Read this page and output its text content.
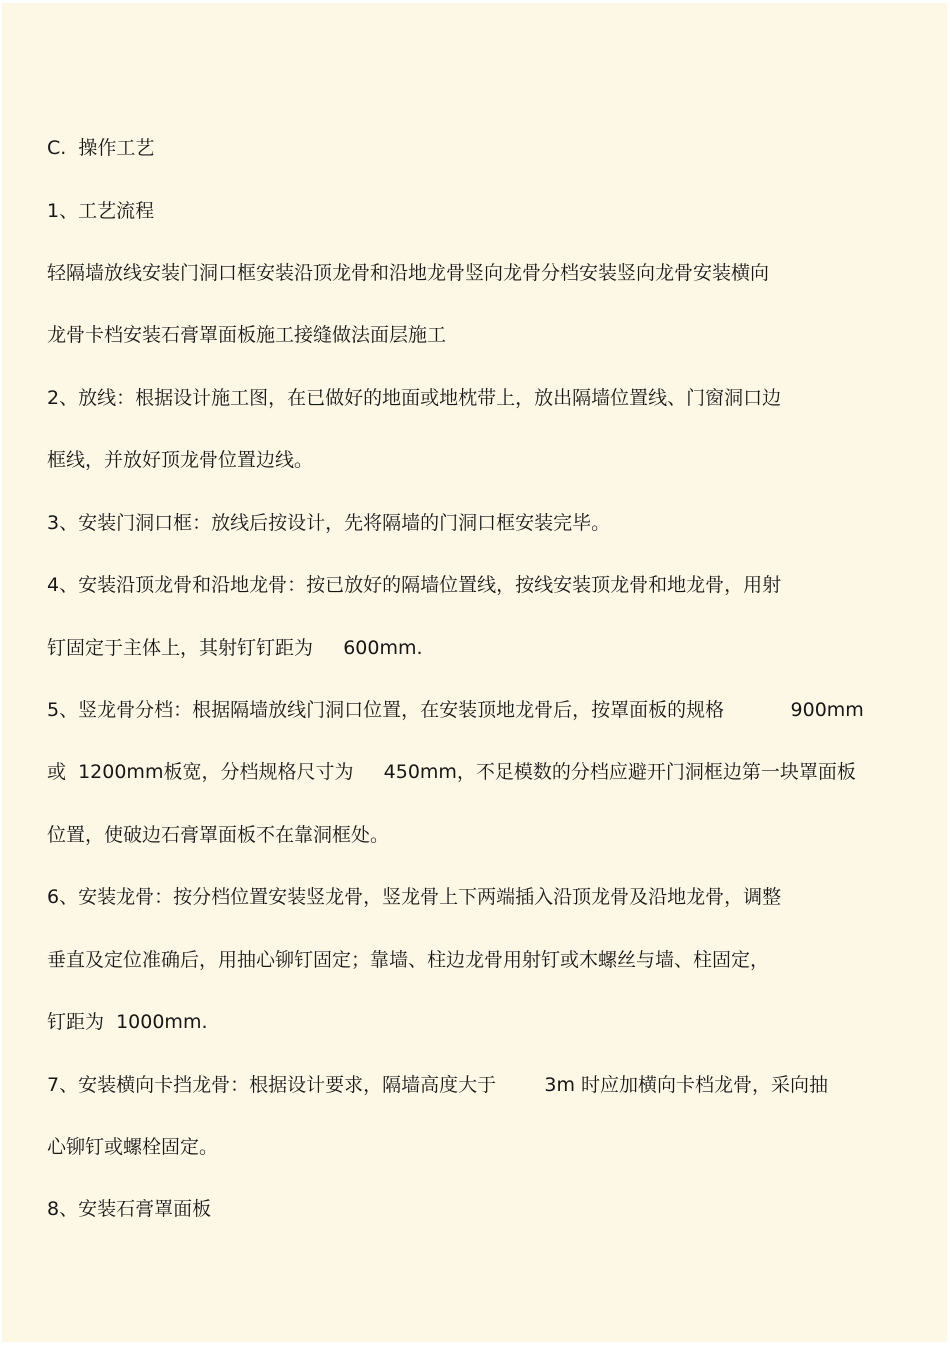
C.  操作工艺
1、工艺流程
轻隔墙放线安装门洞口框安装沿顶龙骨和沿地龙骨竖向龙骨分档安装竖向龙骨安装横向
龙骨卡档安装石膏罩面板施工接缝做法面层施工
2、放线：根据设计施工图，在已做好的地面或地枕带上，放出隔墙位置线、门窗洞口边
框线，并放好顶龙骨位置边线。
3、安装门洞口框：放线后按设计，先将隔墙的门洞口框安装完毕。
4、安装沿顶龙骨和沿地龙骨：按已放好的隔墙位置线，按线安装顶龙骨和地龙骨，用射
钉固定于主体上，其射钉钉距为     600mm.
5、竖龙骨分档：根据隔墙放线门洞口位置，在安装顶地龙骨后，按罩面板的规格           900mm
或  1200mm板宽，分档规格尺寸为     450mm，不足模数的分档应避开门洞框边第一块罩面板
位置，使破边石膏罩面板不在靠洞框处。
6、安装龙骨：按分档位置安装竖龙骨，竖龙骨上下两端插入沿顶龙骨及沿地龙骨，调整
垂直及定位准确后，用抽心铆钉固定；靠墙、柱边龙骨用射钉或木螺丝与墙、柱固定，
钉距为  1000mm.
7、安装横向卡挡龙骨：根据设计要求，隔墙高度大于        3m 时应加横向卡档龙骨，采向抽
心铆钉或螺栓固定。
8、安装石膏罩面板
